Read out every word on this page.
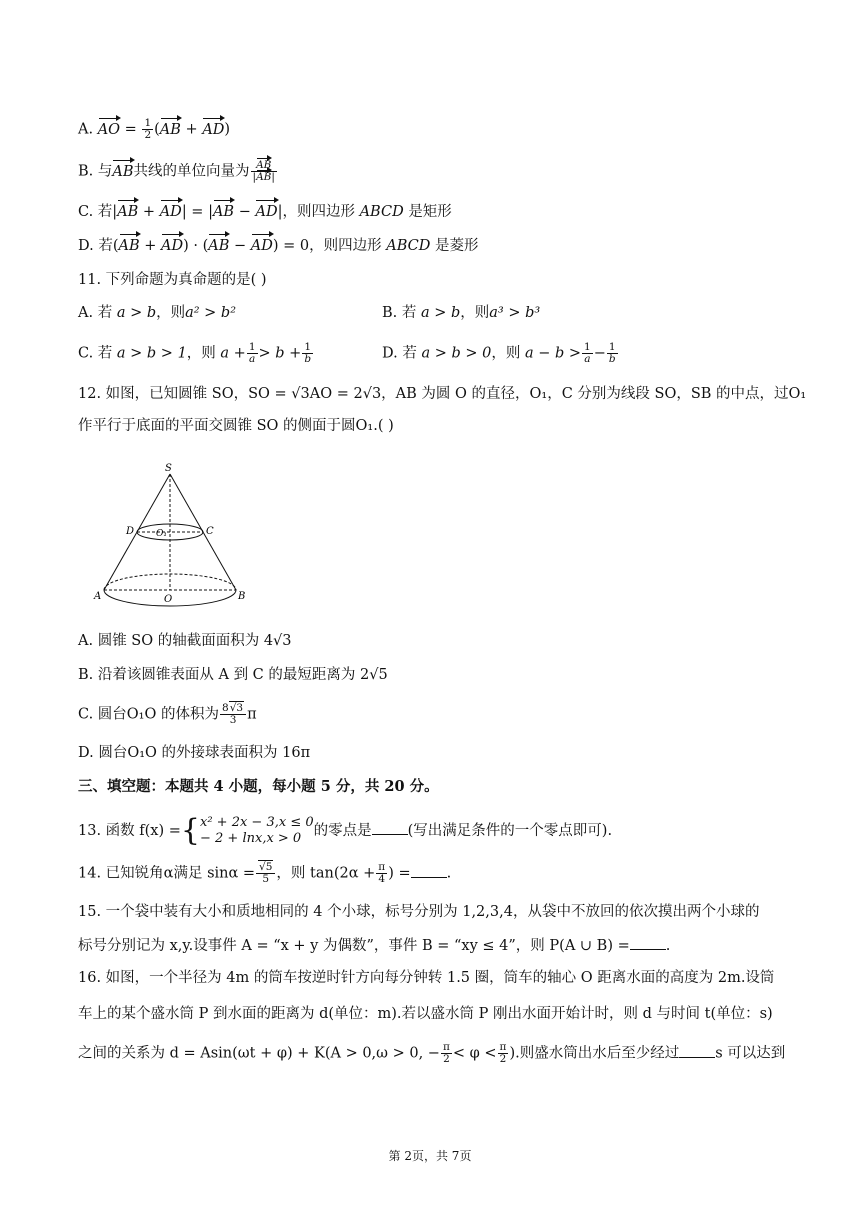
A. AO = $\frac{1}{2} (AB + AD)$
B. 与AB共线的单位向量为 $\frac{AB}{|AB|}$
C. 若|AB + AD| = |AB − AD|，则四边形 ABCD 是矩形
D. 若(AB + AD) · (AB − AD) = 0，则四边形 ABCD 是菱形
11. 下列命题为真命题的是( )
A. 若 a > b，则a² > b²	B. 若 a > b，则a³ > b³
C. 若 a > b > 1，则 $a + \frac{1}{a} > b + \frac{1}{b}$	D. 若 a > b > 0，则 $a - b > \frac{1}{a} - \frac{1}{b}$
12. 如图，已知圆锥 SO，SO = √3AO = 2√3，AB 为圆 O 的直径，O₁，C 分别为线段 SO，SB 的中点，过O₁
作平行于底面的平面交圆锥 SO 的侧面于圆O₁.( )
S
D	C
O₁
A	O	B
A. 圆锥 SO 的轴截面面积为 4√3
B. 沿着该圆锥表面从 A 到 C 的最短距离为 2√5
C. 圆台O₁O 的体积为 $\frac{8√3}{3}$ π
D. 圆台O₁O 的外接球表面积为 16π
三、填空题：本题共 4 小题，每小题 5 分，共 20 分。
13. 函数 f(x) ={ x² + 2x − 3,x ≤ 0
− 2 + lnx,x > 0 的零点是 (写出满足条件的一个零点即可).
14. 已知锐角α满足 $\sin\alpha = \frac{√5}{5}$ ，则 $\tan(2\alpha + \frac{\pi}{4}$ ) = .
15. 一个袋中装有大小和质地相同的 4 个小球，标号分别为 1,2,3,4，从袋中不放回的依次摸出两个小球的
标号分别记为 x,y.设事件 A = “x + y 为偶数”，事件 B = “xy ≤ 4”，则 P(A ∪ B) = .
16. 如图，一个半径为 4m 的筒车按逆时针方向每分钟转 1.5 圈，筒车的轴心 O 距离水面的高度为 2m.设筒
车上的某个盛水筒 P 到水面的距离为 d(单位：m).若以盛水筒 P 刚出水面开始计时，则 d 与时间 t(单位：s)
之间的关系为 d = Asin(ωt + φ) + K(A > 0,ω > 0, − $\frac{\pi}{2} < \varphi < \frac{\pi}{2}$ ).则盛水筒出水后至少经过 s 可以达到
第 2页，共 7页
